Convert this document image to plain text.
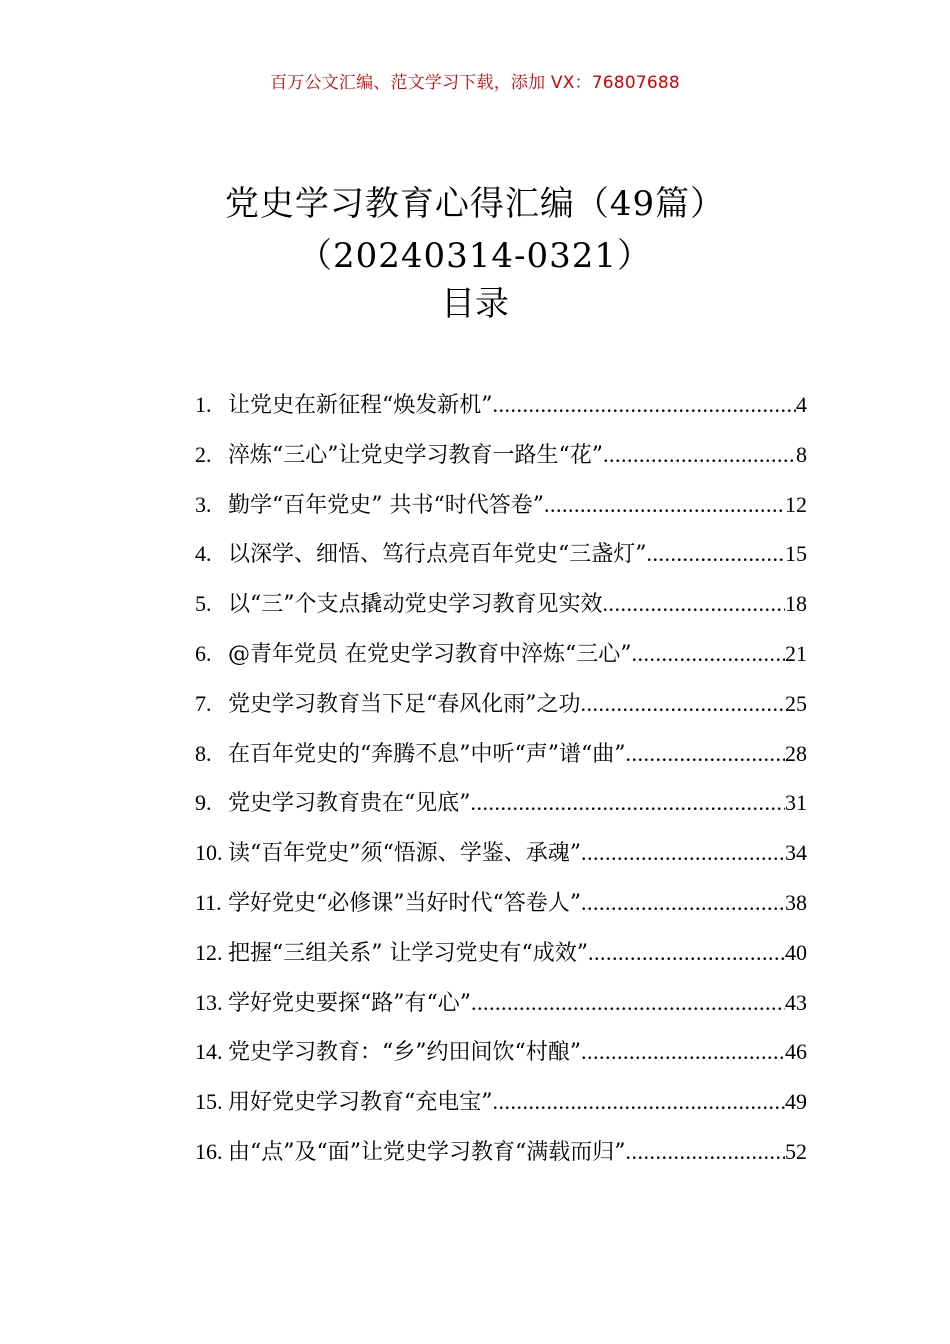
百万公文汇编、范文学习下载，添加 VX：76807688
党史学习教育心得汇编（49篇）（20240314-0321）
目录
1. 让党史在新征程“焕发新机” .....	4
2. 淬炼“三心”让党史学习教育一路生“花” .....	8
3. 勤学“百年党史” 共书“时代答卷” .....	12
4. 以深学、细悟、笃行点亮百年党史“三盏灯” .....	15
5. 以“三”个支点撬动党史学习教育见实效 .....	18
6. @青年党员 在党史学习教育中淬炼“三心” .....	21
7. 党史学习教育当下足“春风化雨”之功 .....	25
8. 在百年党史的“奔腾不息”中听“声”谱“曲” .....	28
9. 党史学习教育贵在“见底” .....	31
10. 读“百年党史”须“悟源、学鉴、承魂” .....	34
11. 学好党史“必修课”当好时代“答卷人” .....	38
12. 把握“三组关系” 让学习党史有“成效” .....	40
13. 学好党史要探“路”有“心” .....	43
14. 党史学习教育：“乡”约田间饮“村酿” .....	46
15. 用好党史学习教育“充电宝” .....	49
16. 由“点”及“面”让党史学习教育“满载而归” .....	52
